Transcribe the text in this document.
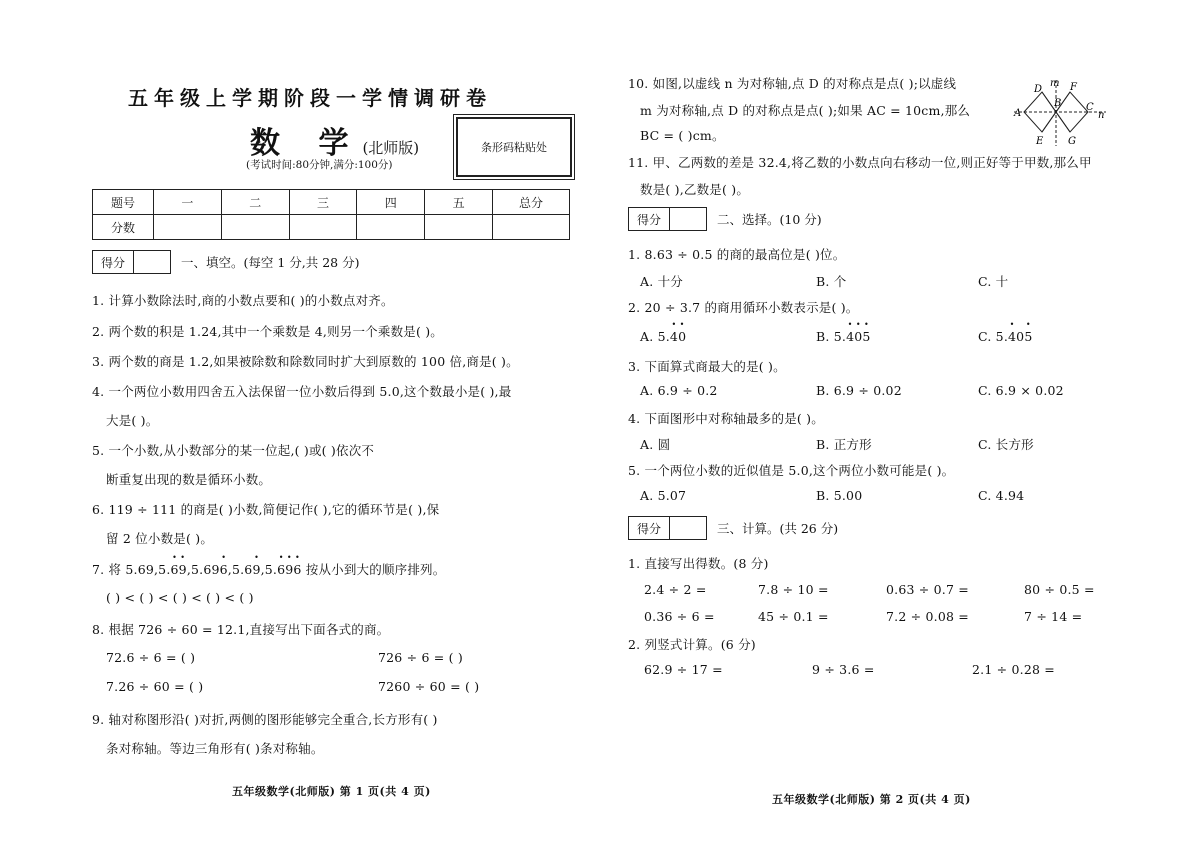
五年级上学期阶段一学情调研卷
数 学(北师版)
(考试时间:80分钟,满分:100分)
条形码粘贴处
题号	一	二	三	四	五	总分
分数						
得分	一、填空。(每空 1 分,共 28 分)
1. 计算小数除法时,商的小数点要和( )的小数点对齐。
2. 两个数的积是 1.24,其中一个乘数是 4,则另一个乘数是( )。
3. 两个数的商是 1.2,如果被除数和除数同时扩大到原数的 100 倍,商是( )。
4. 一个两位小数用四舍五入法保留一位小数后得到 5.0,这个数最小是( ),最
大是( )。
5. 一个小数,从小数部分的某一位起,( )或( )依次不
断重复出现的数是循环小数。
6. 119 ÷ 111 的商是( )小数,简便记作( ),它的循环节是( ),保
留 2 位小数是( )。
7. 将 5.69,5.• 6• 9,5.69• 6,5.6• 9,5.• 6• 9• 6 按从小到大的顺序排列。
( ) < ( ) < ( ) < ( ) < ( )
8. 根据 726 ÷ 60 = 12.1,直接写出下面各式的商。
72.6 ÷ 6 = ( )	726 ÷ 6 = ( )
7.26 ÷ 60 = ( )	7260 ÷ 60 = ( )
9. 轴对称图形沿( )对折,两侧的图形能够完全重合,长方形有( )
条对称轴。等边三角形有( )条对称轴。
五年级数学(北师版) 第 1 页(共 4 页)
10. 如图,以虚线 n 为对称轴,点 D 的对称点是点( );以虚线
m 为对称轴,点 D 的对称点是点( );如果 AC = 10cm,那么
BC = ( )cm。
m
D	F
A
B C
n
E G
11. 甲、乙两数的差是 32.4,将乙数的小数点向右移动一位,则正好等于甲数,那么甲
数是( ),乙数是( )。
得分	二、选择。(10 分)
1. 8.63 ÷ 0.5 的商的最高位是( )位。
A. 十分	B. 个	C. 十
2. 20 ÷ 3.7 的商用循环小数表示是( )。
A. 5.• 4• 0	B. 5.• 4• 0• 5	C. 5.• 40• 5
3. 下面算式商最大的是( )。
A. 6.9 ÷ 0.2	B. 6.9 ÷ 0.02	C. 6.9 × 0.02
4. 下面图形中对称轴最多的是( )。
A. 圆	B. 正方形	C. 长方形
5. 一个两位小数的近似值是 5.0,这个两位小数可能是( )。
A. 5.07	B. 5.00	C. 4.94
得分	三、计算。(共 26 分)
1. 直接写出得数。(8 分)
2.4 ÷ 2 =	7.8 ÷ 10 =	0.63 ÷ 0.7 =	80 ÷ 0.5 =
0.36 ÷ 6 =	45 ÷ 0.1 =	7.2 ÷ 0.08 =	7 ÷ 14 =
2. 列竖式计算。(6 分)
62.9 ÷ 17 =	9 ÷ 3.6 =	2.1 ÷ 0.28 =
五年级数学(北师版) 第 2 页(共 4 页)
